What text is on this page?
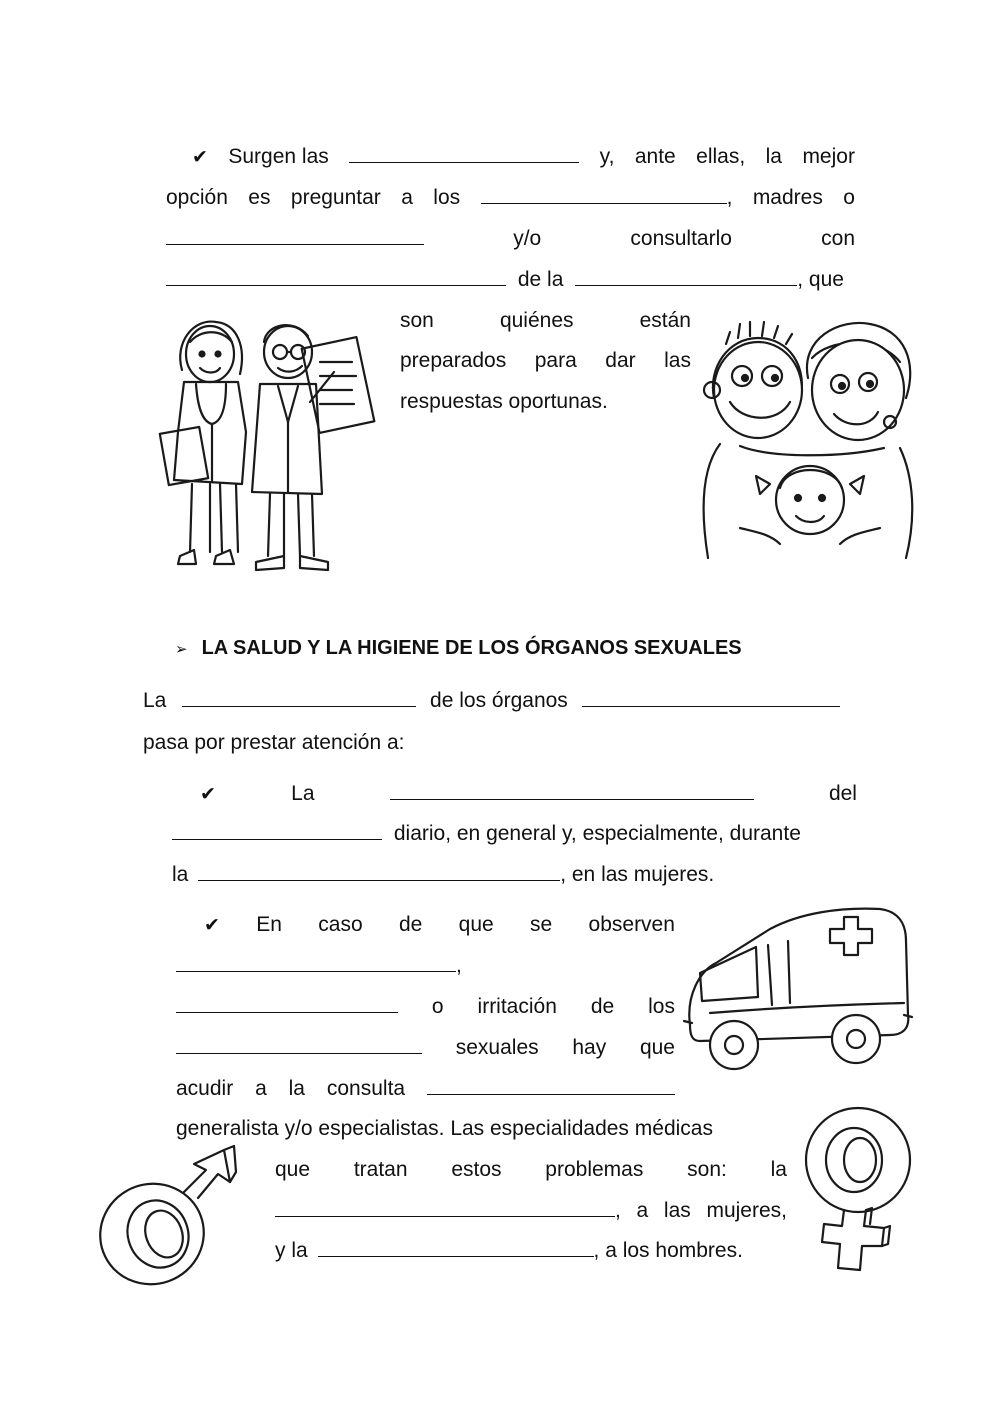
✔ Surgen las	y, ante ellas, la mejor
opción es preguntar a los	, madres o
y/o	consultarlo	con
de la	, que
son	quiénes	están
preparados para dar las
respuestas oportunas.
➢ LA SALUD Y LA HIGIENE DE LOS ÓRGANOS SEXUALES
La	de los órganos
pasa por prestar atención a:
✔	La	del
diario, en general y, especialmente, durante
la	, en las mujeres.
✔ En caso de que se observen
,
o irritación de los
sexuales hay que
acudir a la consulta
generalista y/o especialistas. Las especialidades médicas
que tratan estos problemas son: la
, a las mujeres,
y la	, a los hombres.
